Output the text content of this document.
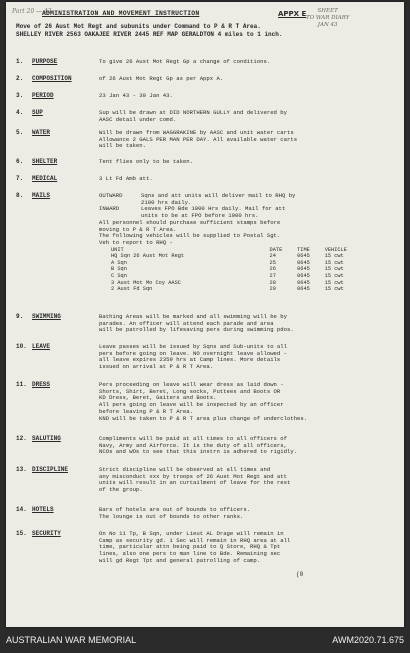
Part 20 — 43
ADMINISTRATION AND MOVEMENT INSTRUCTION	APPX E	SHEET
TO WAR DIARY
JAN 43
Move of 26 Aust Mot Regt and subunits under Command to P & R T Area.
SHELLEY RIVER 2563 OAKAJEE RIVER 2445 REF MAP GERALDTON 4 miles to 1 inch.
1.	PURPOSE	To give 26 Aust Mot Regt Gp a change of conditions.

2.	COMPOSITION	of 26 Aust Mot Regt Gp as per Appx A.

3.	PERIOD	23 Jan 43 - 30 Jan 43.

4.	SUP	Sup will be drawn at DID NORTHERN GULLY and delivered by

AASC detail under comd.

5.	WATER	Will be drawn from WAGGRAKINE by AASC and unit water carts

Allowance 2 GALS PER MAN PER DAY. All available water carts

will be taken.

6.	SHELTER	Tent flies only to be taken.

7.	MEDICAL	3 Lt Fd Amb att.

8.	MAILS	OUTWARD	Sqns and att units will deliver mail to RHQ by
2100 hrs daily.
INWARD	Leaves FPO Bde 1000 Hrs daily. Mail for att
units to be at FPO before 1000 hrs.
All personnel should purchase sufficient stamps before
moving to P & R T Area.
The following vehicles will be supplied to Postal Sgt.
Veh to report to RHQ -
UNIT	DATE	TIME	VEHICLE
HQ Sqn 26 Aust Mot Regt	24	0645	15 cwt
A Sqn	25	0645	15 cwt
B Sqn	26	0645	15 cwt
C Sqn	27	0645	15 cwt
3 Aust Mot Mo Coy AASC	28	0645	15 cwt
2 Aust Fd Sqn	29	0645	15 cwt
9.	SWIMMING	Bathing Areas will be marked and all swimming will be by

parades. An officer will attend each parade and area

will be patrolled by lifesaving pers during swimming pdos.

10. LEAVE	Leave passes will be issued by Sqns and Sub-units to all

pers before going on leave. NO overnight leave allowed -

all leave expires 2359 hrs at Camp lines. More details

issued on arrival at P & R T Area.

11. DRESS	Pers proceeding on leave will wear dress as laid down -

Shorts, Shirt, Beret, Long socks, Puttees and Boots OR

KD Dress, Beret, Gaiters and Boots.

All pers going on leave will be inspected by an officer

before leaving P & R T Area.

KND will be taken to P & R T area plus change of underclothes.

12. SALUTING	Compliments will be paid at all times to all officers of

Navy, Army and Airforce. It is the duty of all officers,

NCOs and WOs to see that this instrn is adhered to rigidly.

13. DISCIPLINE	Strict discipline will be observed at all times and

any misconduct xxx by troops of 26 Aust Mot Regt and att

units will result in an curtailment of leave for the rest

of the group.

14. HOTELS	Bars of hotels are out of bounds to officers.

The lounge is out of bounds to other ranks.

15. SECURITY	On No 11 Tp, B Sqn, under Lieut AL Drage will remain in

Camp as security gd. 1 Sec will remain in RHQ area at all

time, particular attn being paid to Q Store, RHQ & Tpt

lines, also one pers to man line to Bde. Remaining sec

will gd Regt Tpt and general patrolling of camp.

(0
AUSTRALIAN WAR MEMORIAL	AWM2020.71.675
